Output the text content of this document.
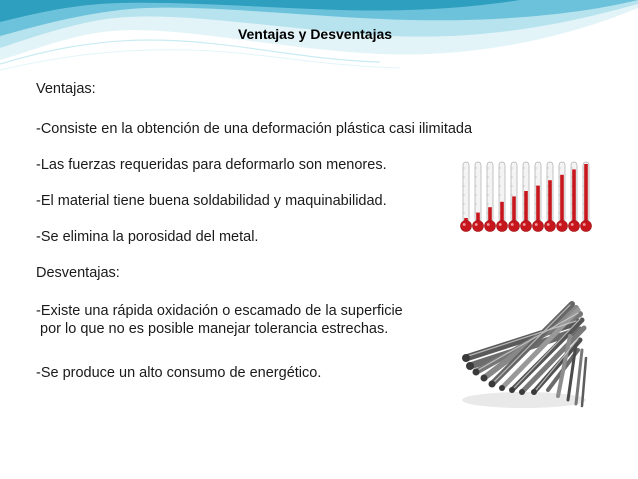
Ventajas y Desventajas
Ventajas:
-Consiste en la obtención de una deformación plástica casi ilimitada
-Las fuerzas requeridas para deformarlo son menores.
-El material tiene buena soldabilidad y maquinabilidad.
-Se elimina la porosidad del metal.
Desventajas:
-Existe una rápida oxidación o escamado de la superficie
por lo que no es posible manejar tolerancia estrechas.
-Se produce un alto consumo de energético.
